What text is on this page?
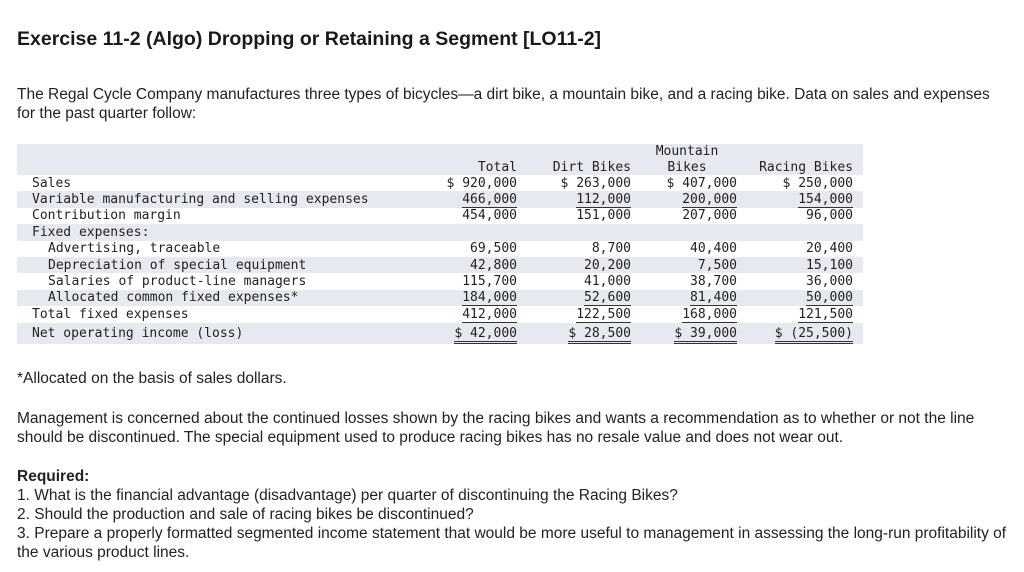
Exercise 11-2 (Algo) Dropping or Retaining a Segment [LO11-2]
The Regal Cycle Company manufactures three types of bicycles—a dirt bike, a mountain bike, and a racing bike. Data on sales and expenses for the past quarter follow:
			Mountain	
	Total	Dirt Bikes	Bikes	Racing Bikes
Sales	$ 920,000	$ 263,000	$ 407,000	$ 250,000
Variable manufacturing and selling expenses	466,000	112,000	200,000	154,000
Contribution margin	454,000	151,000	207,000	96,000
Fixed expenses:				
Advertising, traceable	69,500	8,700	40,400	20,400
Depreciation of special equipment	42,800	20,200	7,500	15,100
Salaries of product-line managers	115,700	41,000	38,700	36,000
Allocated common fixed expenses*	184,000	52,600	81,400	50,000
Total fixed expenses	412,000	122,500	168,000	121,500
Net operating income (loss)	$ 42,000	$ 28,500	$ 39,000	$ (25,500)
*Allocated on the basis of sales dollars.
Management is concerned about the continued losses shown by the racing bikes and wants a recommendation as to whether or not the line should be discontinued. The special equipment used to produce racing bikes has no resale value and does not wear out.
Required:
1. What is the financial advantage (disadvantage) per quarter of discontinuing the Racing Bikes?
2. Should the production and sale of racing bikes be discontinued?
3. Prepare a properly formatted segmented income statement that would be more useful to management in assessing the long-run profitability of the various product lines.
